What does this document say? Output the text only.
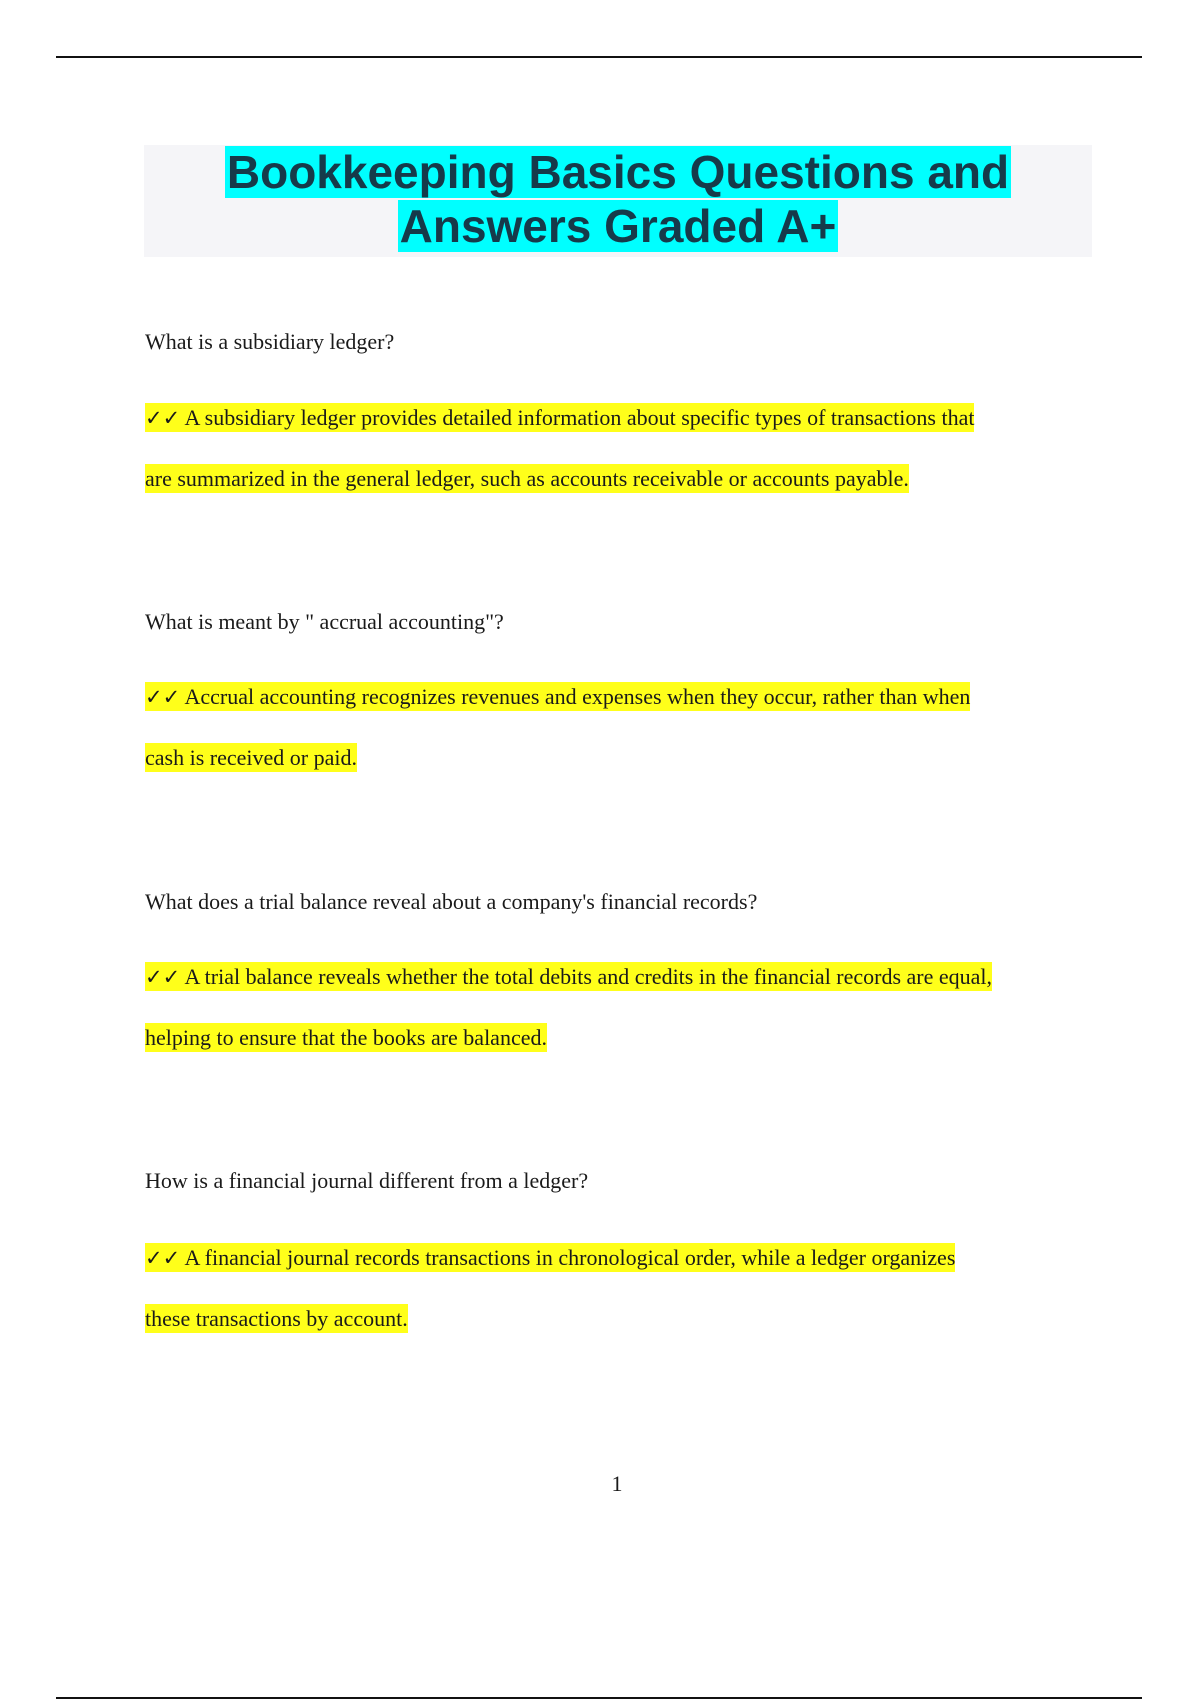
Bookkeeping Basics Questions and
Answers Graded A+
What is a subsidiary ledger?
✓✓ A subsidiary ledger provides detailed information about specific types of transactions that
are summarized in the general ledger, such as accounts receivable or accounts payable.
What is meant by " accrual accounting"?
✓✓ Accrual accounting recognizes revenues and expenses when they occur, rather than when
cash is received or paid.
What does a trial balance reveal about a company's financial records?
✓✓ A trial balance reveals whether the total debits and credits in the financial records are equal,
helping to ensure that the books are balanced.
How is a financial journal different from a ledger?
✓✓ A financial journal records transactions in chronological order, while a ledger organizes
these transactions by account.
1
